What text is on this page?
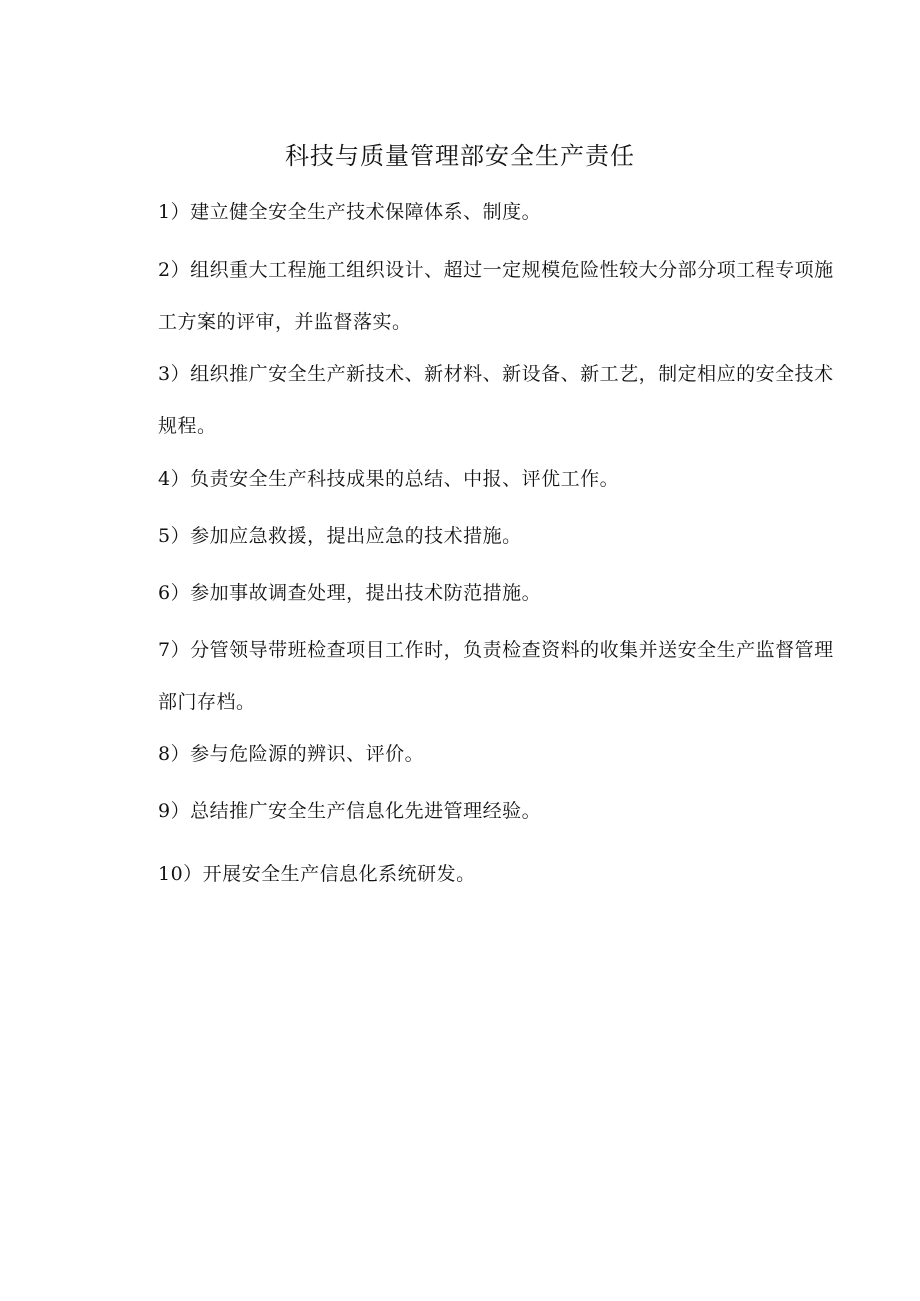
科技与质量管理部安全生产责任

1）建立健全安全生产技术保障体系、制度。

2）组织重大工程施工组织设计、超过一定规模危险性较大分部分项工程专项施工方案的评审，并监督落实。

3）组织推广安全生产新技术、新材料、新设备、新工艺，制定相应的安全技术规程。

4）负责安全生产科技成果的总结、中报、评优工作。

5）参加应急救援，提出应急的技术措施。

6）参加事故调查处理，提出技术防范措施。

7）分管领导带班检查项目工作时，负责检查资料的收集并送安全生产监督管理部门存档。

8）参与危险源的辨识、评价。

9）总结推广安全生产信息化先进管理经验。

10）开展安全生产信息化系统研发。
